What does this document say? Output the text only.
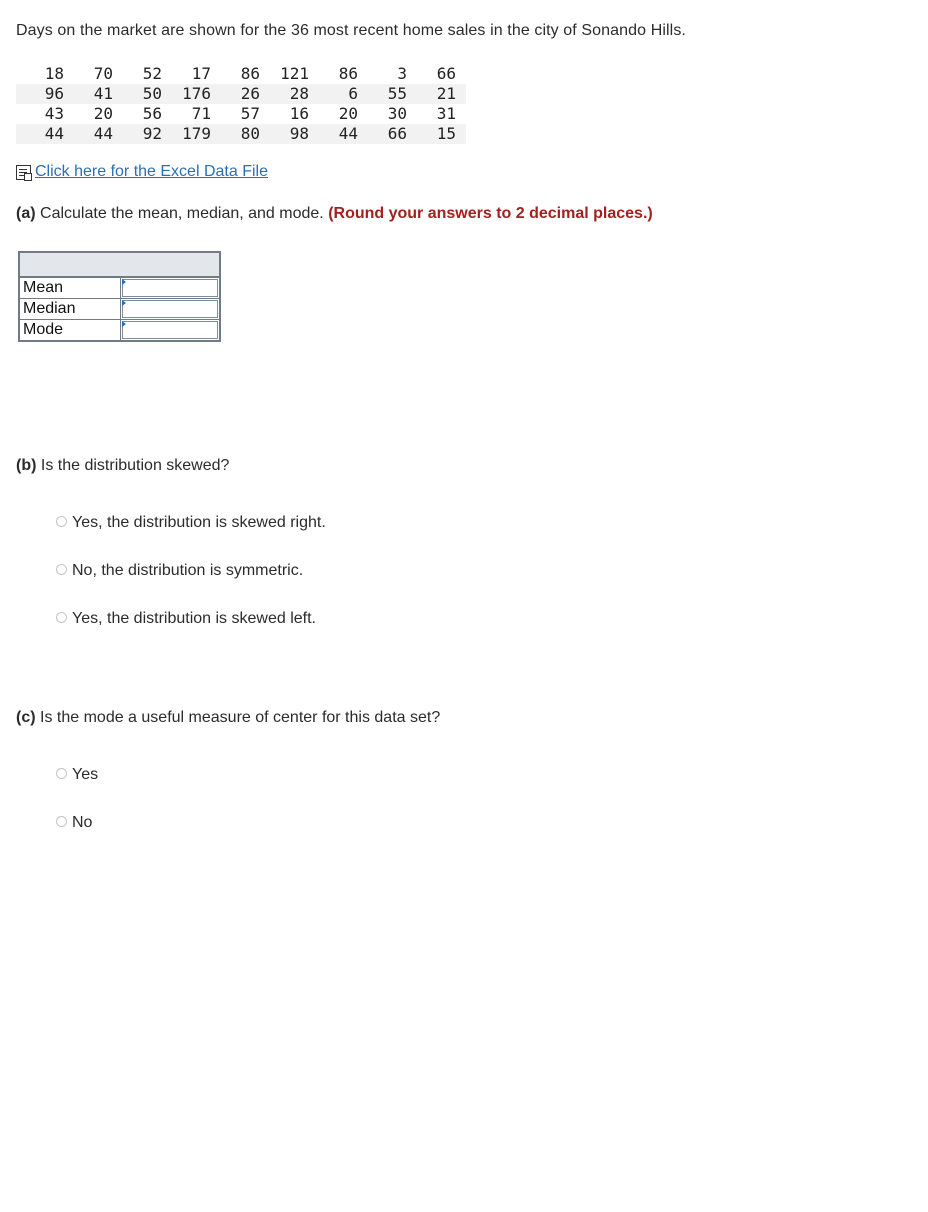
Days on the market are shown for the 36 most recent home sales in the city of Sonando Hills.
18	70	52	17	86	121	86	3	66	
96	41	50	176	26	28	6	55	21	
43	20	56	71	57	16	20	30	31	
44	44	92	179	80	98	44	66	15	
Click here for the Excel Data File
(a) Calculate the mean, median, and mode. (Round your answers to 2 decimal places.)

Mean	

Median	

Mode	
(b) Is the distribution skewed?
Yes, the distribution is skewed right.
No, the distribution is symmetric.
Yes, the distribution is skewed left.
(c) Is the mode a useful measure of center for this data set?
Yes
No
